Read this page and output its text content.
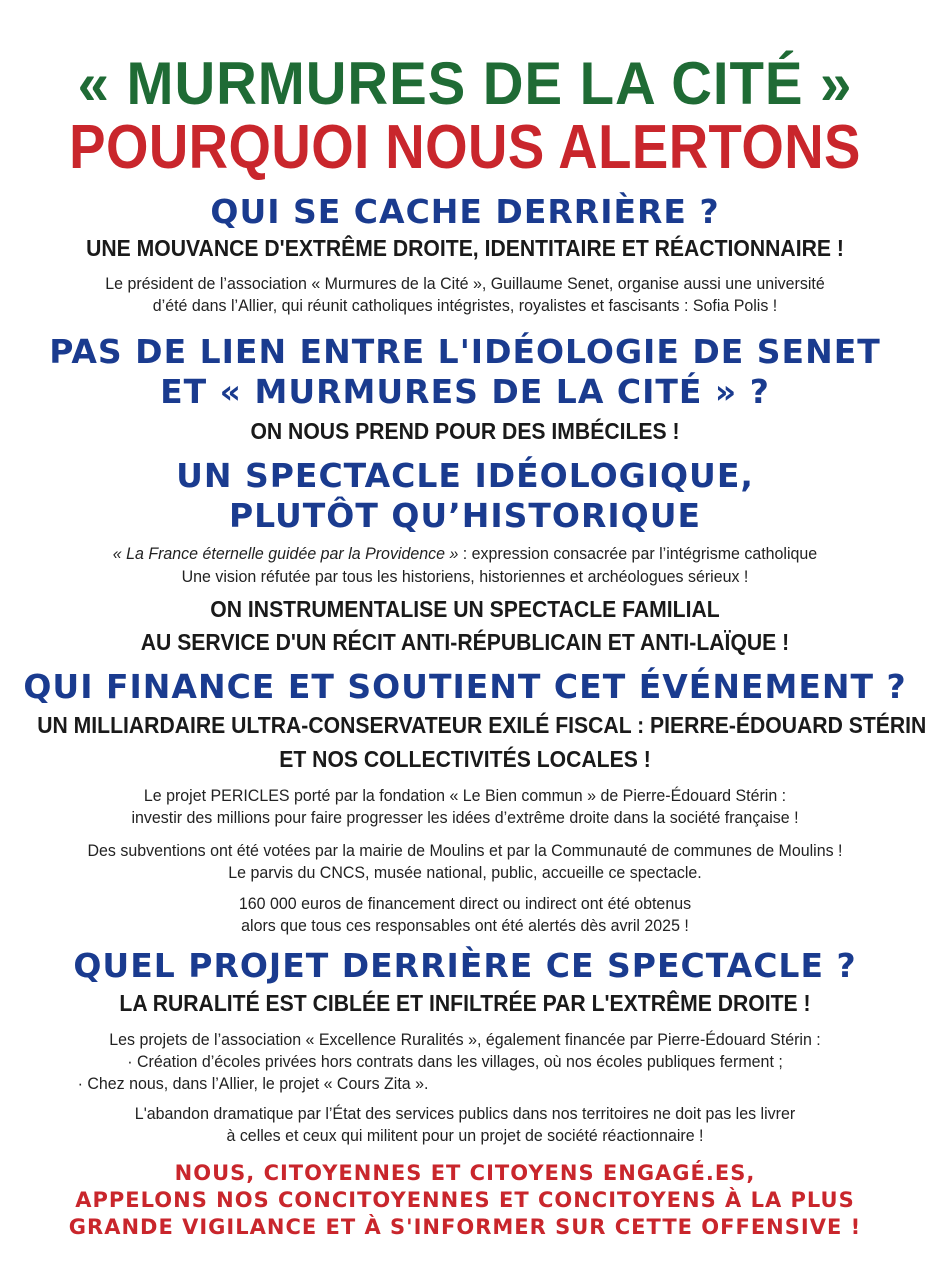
« MURMURES DE LA CITÉ »
POURQUOI NOUS ALERTONS
QUI SE CACHE DERRIÈRE ?
UNE MOUVANCE D'EXTRÊME DROITE, IDENTITAIRE ET RÉACTIONNAIRE !
Le président de l’association « Murmures de la Cité », Guillaume Senet, organise aussi une université
d’été dans l’Allier, qui réunit catholiques intégristes, royalistes et fascisants : Sofia Polis !
PAS DE LIEN ENTRE L'IDÉOLOGIE DE SENET
ET « MURMURES DE LA CITÉ » ?
ON NOUS PREND POUR DES IMBÉCILES !
UN SPECTACLE IDÉOLOGIQUE,
PLUTÔT QU’HISTORIQUE
« La France éternelle guidée par la Providence » : expression consacrée par l’intégrisme catholique
Une vision réfutée par tous les historiens, historiennes et archéologues sérieux !
ON INSTRUMENTALISE UN SPECTACLE FAMILIAL
AU SERVICE D'UN RÉCIT ANTI-RÉPUBLICAIN ET ANTI-LAÏQUE !
QUI FINANCE ET SOUTIENT CET ÉVÉNEMENT ?
UN MILLIARDAIRE ULTRA-CONSERVATEUR EXILÉ FISCAL : PIERRE-ÉDOUARD STÉRIN
ET NOS COLLECTIVITÉS LOCALES !
Le projet PERICLES porté par la fondation « Le Bien commun » de Pierre-Édouard Stérin :
investir des millions pour faire progresser les idées d’extrême droite dans la société française !
Des subventions ont été votées par la mairie de Moulins et par la Communauté de communes de Moulins !
Le parvis du CNCS, musée national, public, accueille ce spectacle.
160 000 euros de financement direct ou indirect ont été obtenus
alors que tous ces responsables ont été alertés dès avril 2025 !
QUEL PROJET DERRIÈRE CE SPECTACLE ?
LA RURALITÉ EST CIBLÉE ET INFILTRÉE PAR L'EXTRÊME DROITE !
Les projets de l’association « Excellence Ruralités », également financée par Pierre-Édouard Stérin :
· Création d’écoles privées hors contrats dans les villages, où nos écoles publiques ferment ;
· Chez nous, dans l’Allier, le projet « Cours Zita ».
L'abandon dramatique par l’État des services publics dans nos territoires ne doit pas les livrer
à celles et ceux qui militent pour un projet de société réactionnaire !
NOUS, CITOYENNES ET CITOYENS ENGAGÉ.ES,
APPELONS NOS CONCITOYENNES ET CONCITOYENS À LA PLUS
GRANDE VIGILANCE ET À S'INFORMER SUR CETTE OFFENSIVE !
